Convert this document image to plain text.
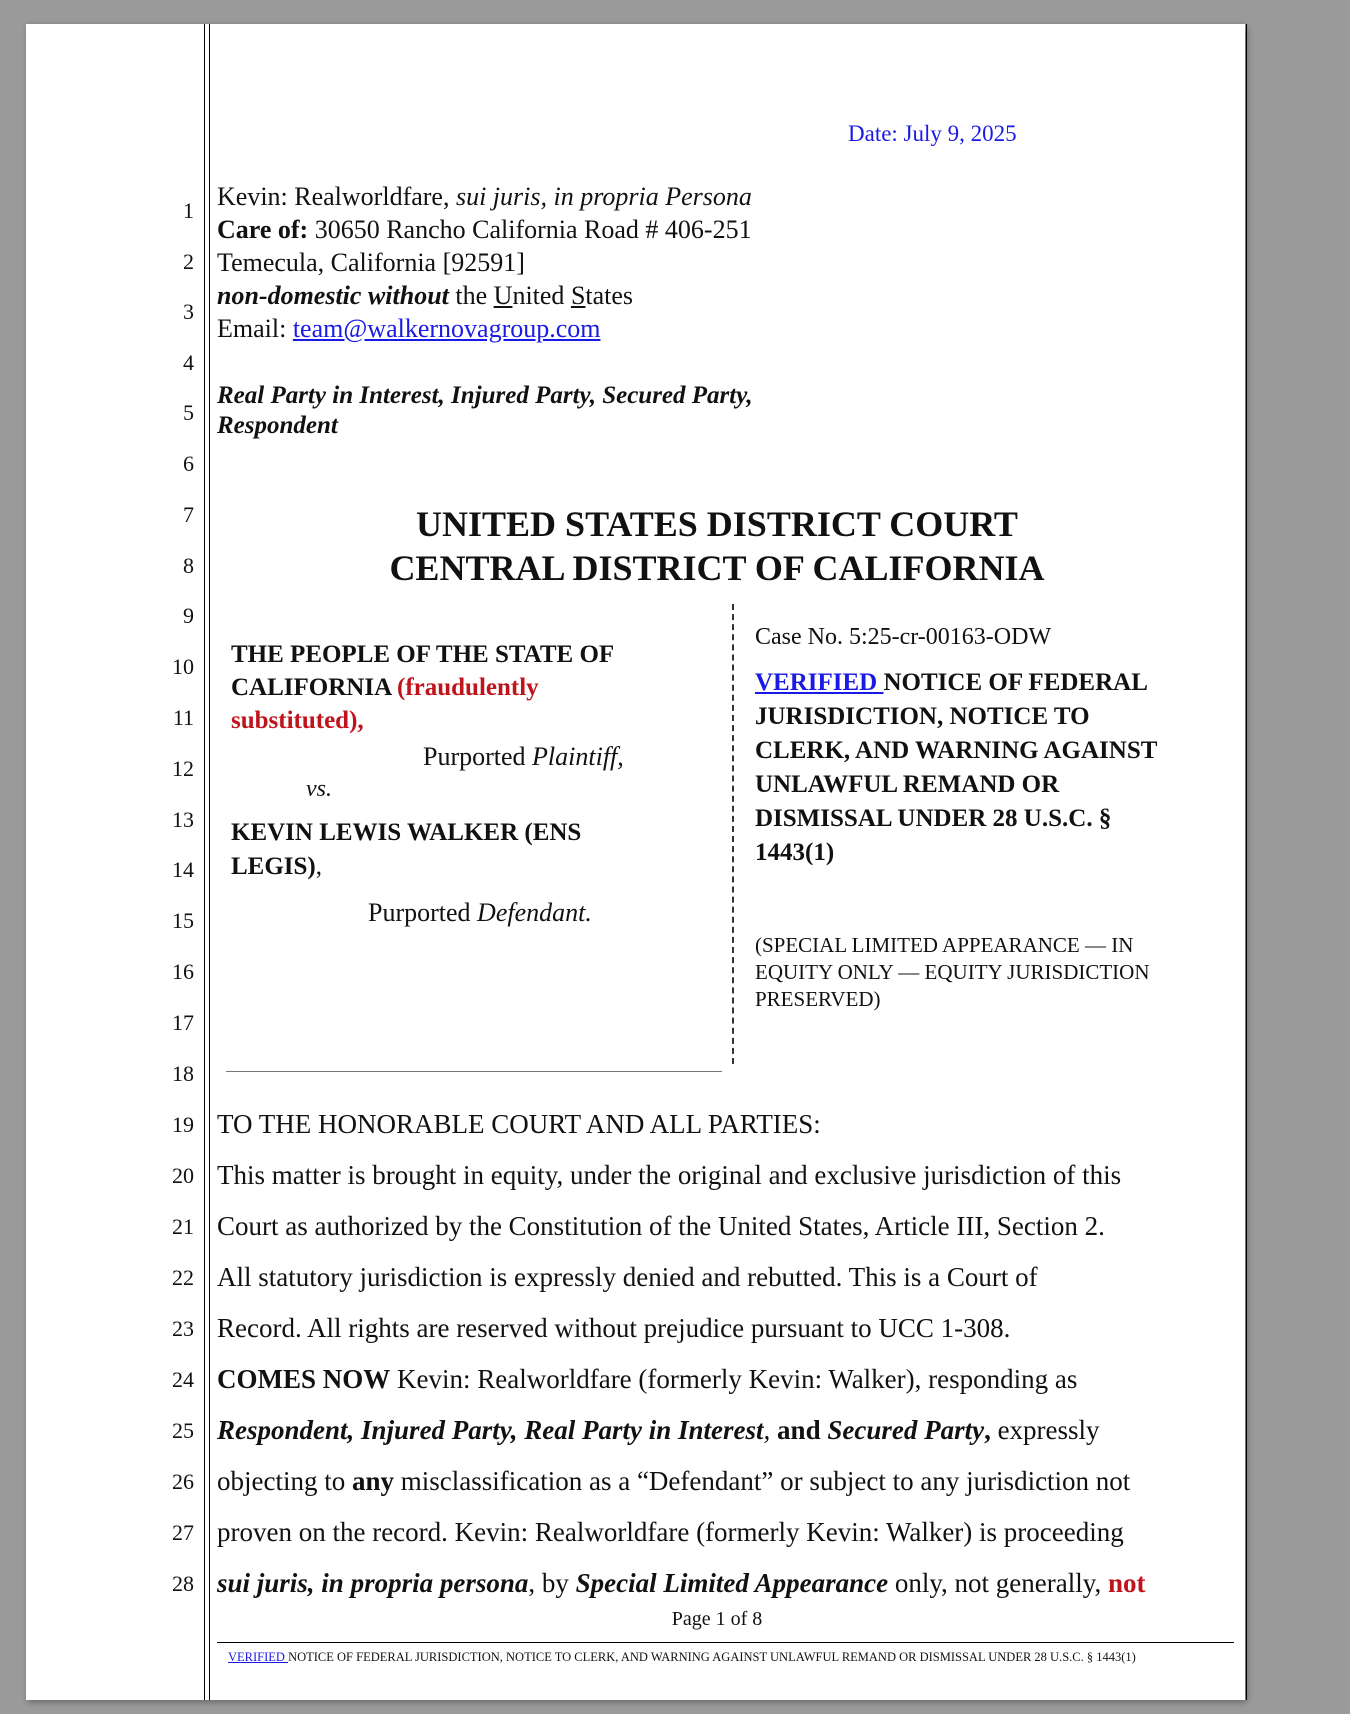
Date: July 9, 2025
1
2
3
4
5
6
7
8
9
10
11
12
13
14
15
16
17
18
19
20
21
22
23
24
25
26
27
28
Kevin: Realworldfare, sui juris, in propria Persona
Care of: 30650 Rancho California Road # 406-251
Temecula, California [92591]
non-domestic without the United States
Email: team@walkernovagroup.com
Real Party in Interest, Injured Party, Secured Party,
Respondent
UNITED STATES DISTRICT COURT
CENTRAL DISTRICT OF CALIFORNIA
THE PEOPLE OF THE STATE OF
CALIFORNIA (fraudulently
substituted),
Purported Plaintiff,
vs.
KEVIN LEWIS WALKER (ENS
LEGIS),
Purported Defendant.
Case No. 5:25-cr-00163-ODW
VERIFIED NOTICE OF FEDERAL
JURISDICTION, NOTICE TO
CLERK, AND WARNING AGAINST
UNLAWFUL REMAND OR
DISMISSAL UNDER 28 U.S.C. §
1443(1)
(SPECIAL LIMITED APPEARANCE — IN
EQUITY ONLY — EQUITY JURISDICTION
PRESERVED)
TO THE HONORABLE COURT AND ALL PARTIES:
This matter is brought in equity, under the original and exclusive jurisdiction of this
Court as authorized by the Constitution of the United States, Article III, Section 2.
All statutory jurisdiction is expressly denied and rebutted. This is a Court of
Record. All rights are reserved without prejudice pursuant to UCC 1-308.
COMES NOW Kevin: Realworldfare (formerly Kevin: Walker), responding as
Respondent, Injured Party, Real Party in Interest, and Secured Party, expressly
objecting to any misclassification as a “Defendant” or subject to any jurisdiction not
proven on the record. Kevin: Realworldfare (formerly Kevin: Walker) is proceeding
sui juris, in propria persona, by Special Limited Appearance only, not generally, not
Page 1 of 8
VERIFIED NOTICE OF FEDERAL JURISDICTION, NOTICE TO CLERK, AND WARNING AGAINST UNLAWFUL REMAND OR DISMISSAL UNDER 28 U.S.C. § 1443(1)
